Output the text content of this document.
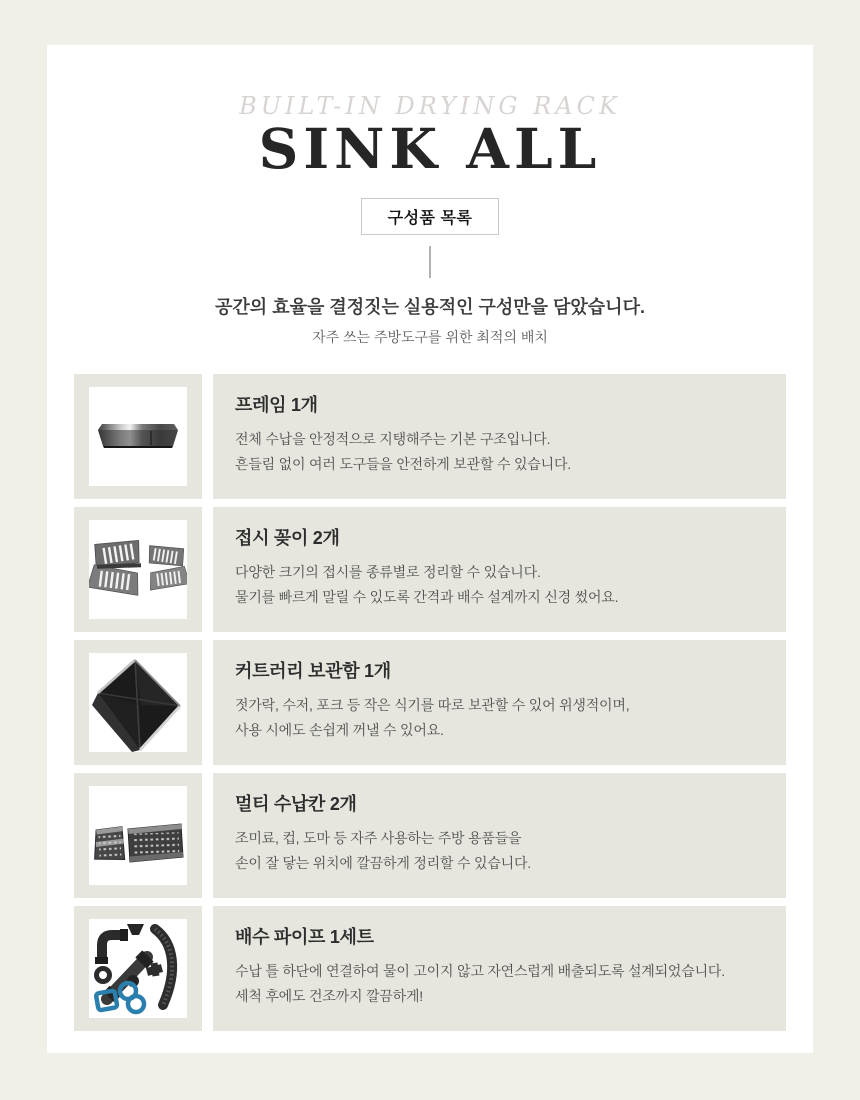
BUILT-IN DRYING RACK
SINK ALL
구성품 목록
공간의 효율을 결정짓는 실용적인 구성만을 담았습니다.
자주 쓰는 주방도구를 위한 최적의 배치
프레임 1개

전체 수납을 안정적으로 지탱해주는 기본 구조입니다.

흔들림 없이 여러 도구들을 안전하게 보관할 수 있습니다.

접시 꽂이 2개

다양한 크기의 접시를 종류별로 정리할 수 있습니다.

물기를 빠르게 말릴 수 있도록 간격과 배수 설계까지 신경 썼어요.

커트러리 보관함 1개

젓가락, 수저, 포크 등 작은 식기를 따로 보관할 수 있어 위생적이며,

사용 시에도 손쉽게 꺼낼 수 있어요.

멀티 수납칸 2개

조미료, 컵, 도마 등 자주 사용하는 주방 용품들을

손이 잘 닿는 위치에 깔끔하게 정리할 수 있습니다.

배수 파이프 1세트

수납 틀 하단에 연결하여 물이 고이지 않고 자연스럽게 배출되도록 설계되었습니다.

세척 후에도 건조까지 깔끔하게!
